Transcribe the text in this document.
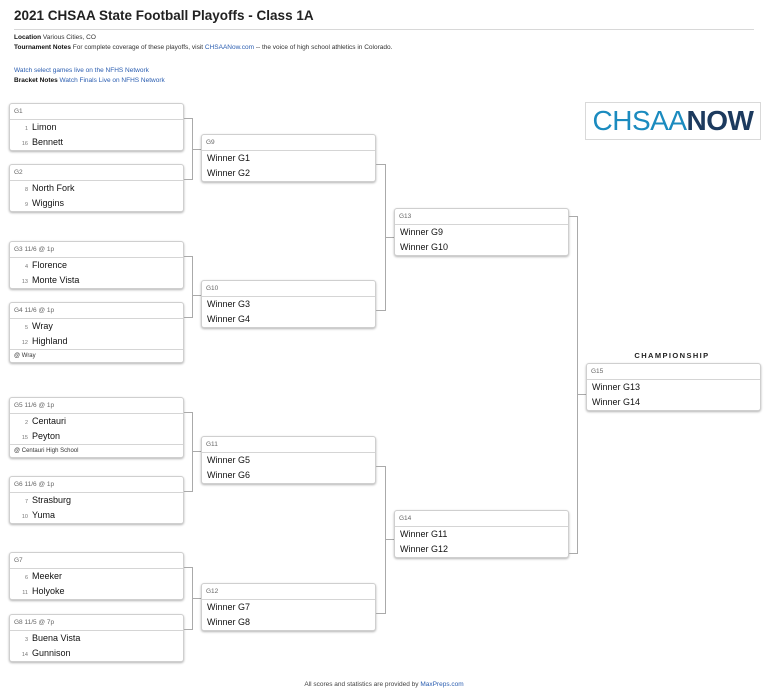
2021 CHSAA State Football Playoffs - Class 1A
Location Various Cities, CO
Tournament Notes For complete coverage of these playoffs, visit CHSAANow.com -- the voice of high school athletics in Colorado.
Watch select games live on the NFHS Network
Bracket Notes Watch Finals Live on NFHS Network
CHSAANOW
G1
1 Limon
16 Bennett
G2
8 North Fork
9 Wiggins
G3 11/6 @ 1p
4 Florence
13 Monte Vista
G4 11/6 @ 1p
5 Wray
12 Highland
@ Wray
G5 11/6 @ 1p
2 Centauri
15 Peyton
@ Centauri High School
G6 11/6 @ 1p
7 Strasburg
10 Yuma
G7
6 Meeker
11 Holyoke
G8 11/5 @ 7p
3 Buena Vista
14 Gunnison
G9
Winner G1
Winner G2
G10
Winner G3
Winner G4
G11
Winner G5
Winner G6
G12
Winner G7
Winner G8
G13
Winner G9
Winner G10
G14
Winner G11
Winner G12
CHAMPIONSHIP
G15
Winner G13
Winner G14
All scores and statistics are provided by MaxPreps.com
